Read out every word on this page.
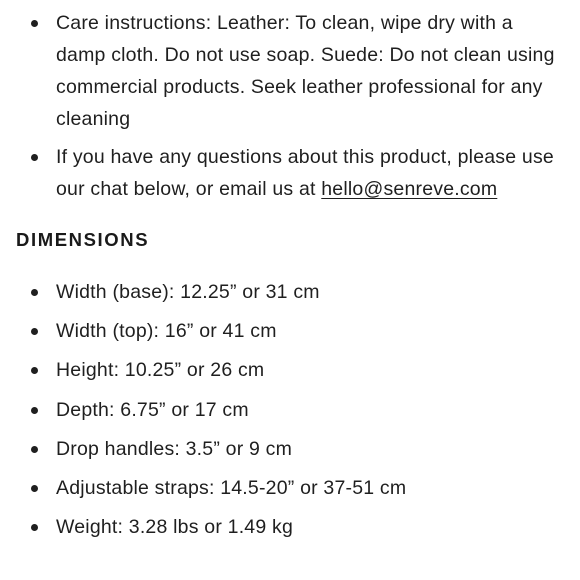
Care instructions: Leather: To clean, wipe dry with a damp cloth. Do not use soap. Suede: Do not clean using commercial products. Seek leather professional for any cleaning
If you have any questions about this product, please use our chat below, or email us at hello@senreve.com
DIMENSIONS
Width (base): 12.25” or 31 cm
Width (top): 16” or 41 cm
Height: 10.25” or 26 cm
Depth: 6.75” or 17 cm
Drop handles: 3.5” or 9 cm
Adjustable straps: 14.5-20” or 37-51 cm
Weight: 3.28 lbs or 1.49 kg
